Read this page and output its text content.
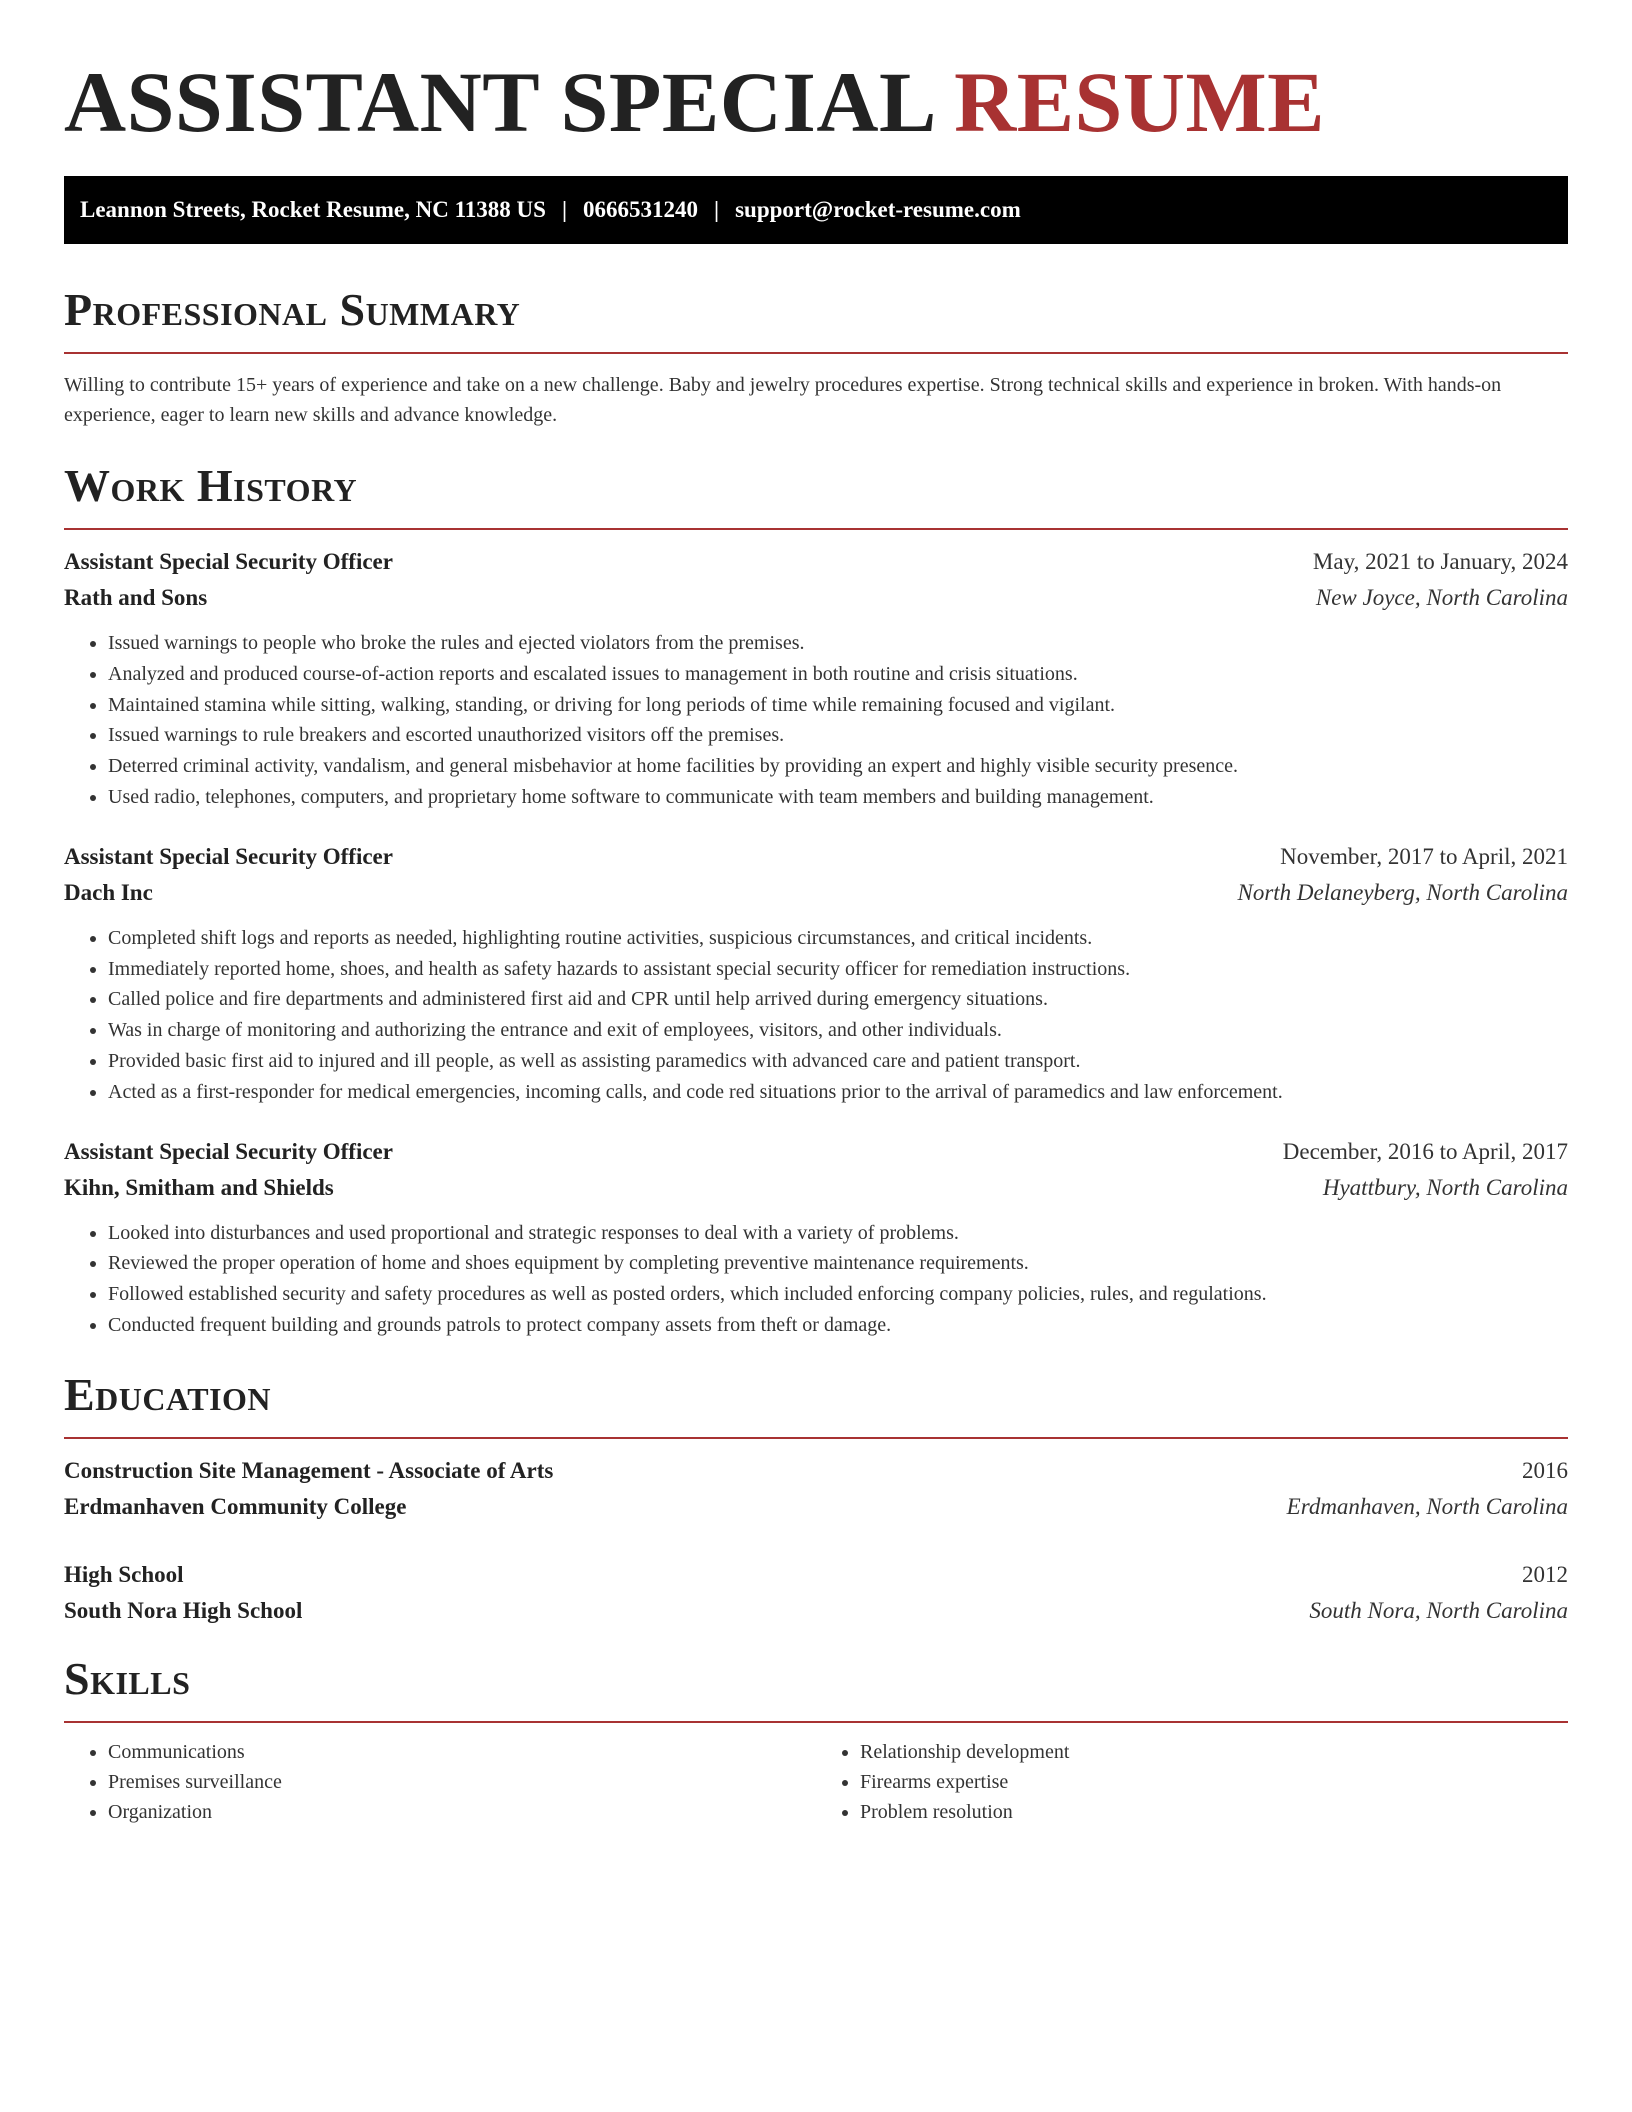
ASSISTANT SPECIAL RESUME
Leannon Streets, Rocket Resume, NC 11388 US | 0666531240 | support@rocket-resume.com
Professional Summary
Willing to contribute 15+ years of experience and take on a new challenge. Baby and jewelry procedures expertise. Strong technical skills and experience in broken. With hands-on experience, eager to learn new skills and advance knowledge.
Work History
Assistant Special Security Officer	May, 2021 to January, 2024
Rath and Sons	New Joyce, North Carolina
• Issued warnings to people who broke the rules and ejected violators from the premises.
• Analyzed and produced course-of-action reports and escalated issues to management in both routine and crisis situations.
• Maintained stamina while sitting, walking, standing, or driving for long periods of time while remaining focused and vigilant.
• Issued warnings to rule breakers and escorted unauthorized visitors off the premises.
• Deterred criminal activity, vandalism, and general misbehavior at home facilities by providing an expert and highly visible security presence.
• Used radio, telephones, computers, and proprietary home software to communicate with team members and building management.
Assistant Special Security Officer	November, 2017 to April, 2021
Dach Inc	North Delaneyberg, North Carolina
• Completed shift logs and reports as needed, highlighting routine activities, suspicious circumstances, and critical incidents.
• Immediately reported home, shoes, and health as safety hazards to assistant special security officer for remediation instructions.
• Called police and fire departments and administered first aid and CPR until help arrived during emergency situations.
• Was in charge of monitoring and authorizing the entrance and exit of employees, visitors, and other individuals.
• Provided basic first aid to injured and ill people, as well as assisting paramedics with advanced care and patient transport.
• Acted as a first-responder for medical emergencies, incoming calls, and code red situations prior to the arrival of paramedics and law enforcement.
Assistant Special Security Officer	December, 2016 to April, 2017
Kihn, Smitham and Shields	Hyattbury, North Carolina
• Looked into disturbances and used proportional and strategic responses to deal with a variety of problems.
• Reviewed the proper operation of home and shoes equipment by completing preventive maintenance requirements.
• Followed established security and safety procedures as well as posted orders, which included enforcing company policies, rules, and regulations.
• Conducted frequent building and grounds patrols to protect company assets from theft or damage.
Education
Construction Site Management - Associate of Arts	2016
Erdmanhaven Community College	Erdmanhaven, North Carolina
High School	2012
South Nora High School	South Nora, North Carolina
Skills
• Communications
• Premises surveillance
• Organization
• Relationship development
• Firearms expertise
• Problem resolution
